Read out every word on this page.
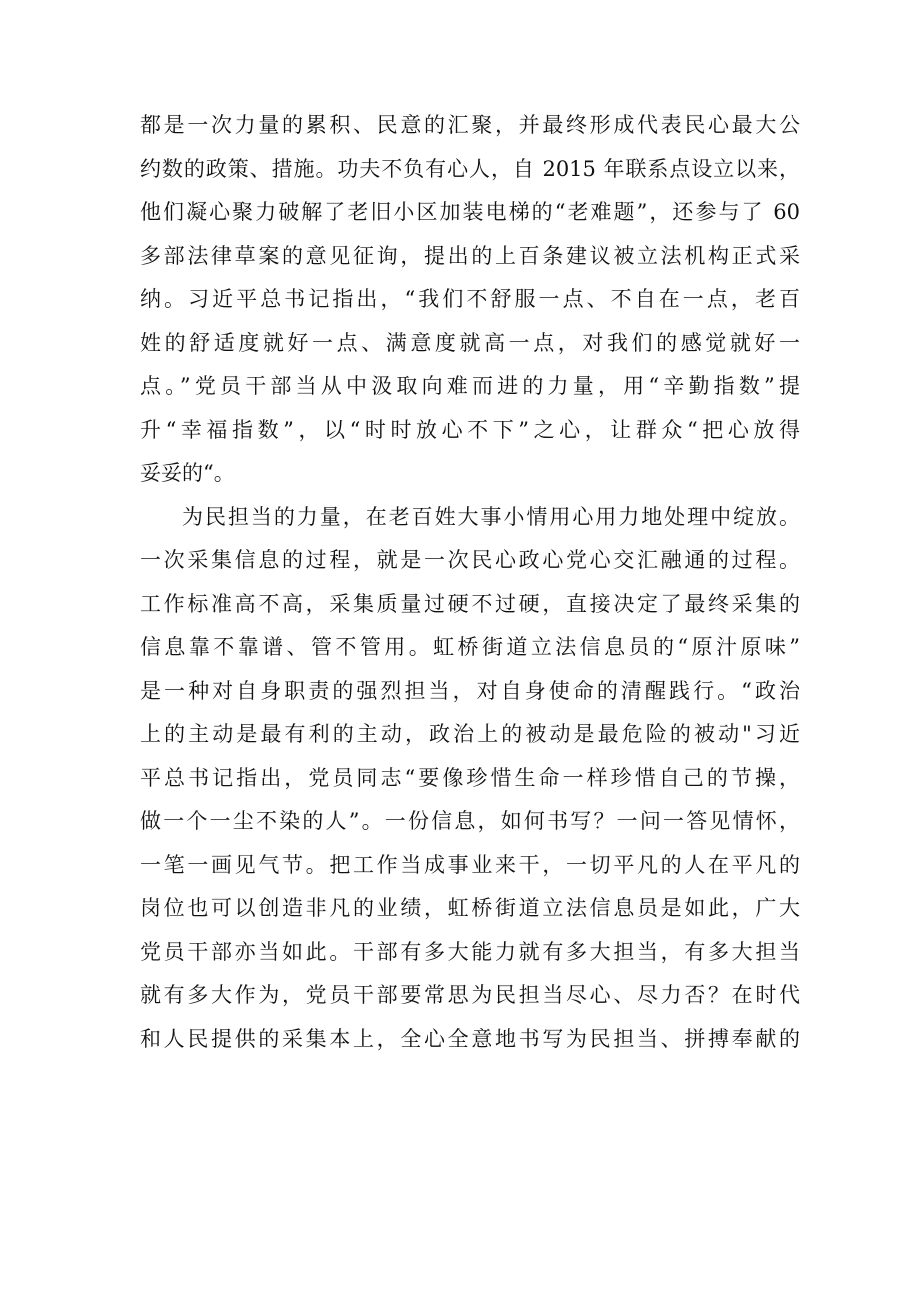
都是一次力量的累积、民意的汇聚，并最终形成代表民心最大公
约数的政策、措施。功夫不负有心人，自 2015 年联系点设立以来，
他们凝心聚力破解了老旧小区加装电梯的“老难题”，还参与了 60
多部法律草案的意见征询，提出的上百条建议被立法机构正式采
纳。习近平总书记指出，“我们不舒服一点、不自在一点，老百
姓的舒适度就好一点、满意度就高一点，对我们的感觉就好一
点。”党员干部当从中汲取向难而进的力量，用“辛勤指数”提
升“幸福指数”，以“时时放心不下”之心，让群众“把心放得
妥妥的“。
为民担当的力量，在老百姓大事小情用心用力地处理中绽放。
一次采集信息的过程，就是一次民心政心党心交汇融通的过程。
工作标准高不高，采集质量过硬不过硬，直接决定了最终采集的
信息靠不靠谱、管不管用。虹桥街道立法信息员的“原汁原味”
是一种对自身职责的强烈担当，对自身使命的清醒践行。“政治
上的主动是最有利的主动，政治上的被动是最危险的被动"习近
平总书记指出，党员同志“要像珍惜生命一样珍惜自己的节操，
做一个一尘不染的人”。一份信息，如何书写？一问一答见情怀，
一笔一画见气节。把工作当成事业来干，一切平凡的人在平凡的
岗位也可以创造非凡的业绩，虹桥街道立法信息员是如此，广大
党员干部亦当如此。干部有多大能力就有多大担当，有多大担当
就有多大作为，党员干部要常思为民担当尽心、尽力否？在时代
和人民提供的采集本上，全心全意地书写为民担当、拼搏奉献的
